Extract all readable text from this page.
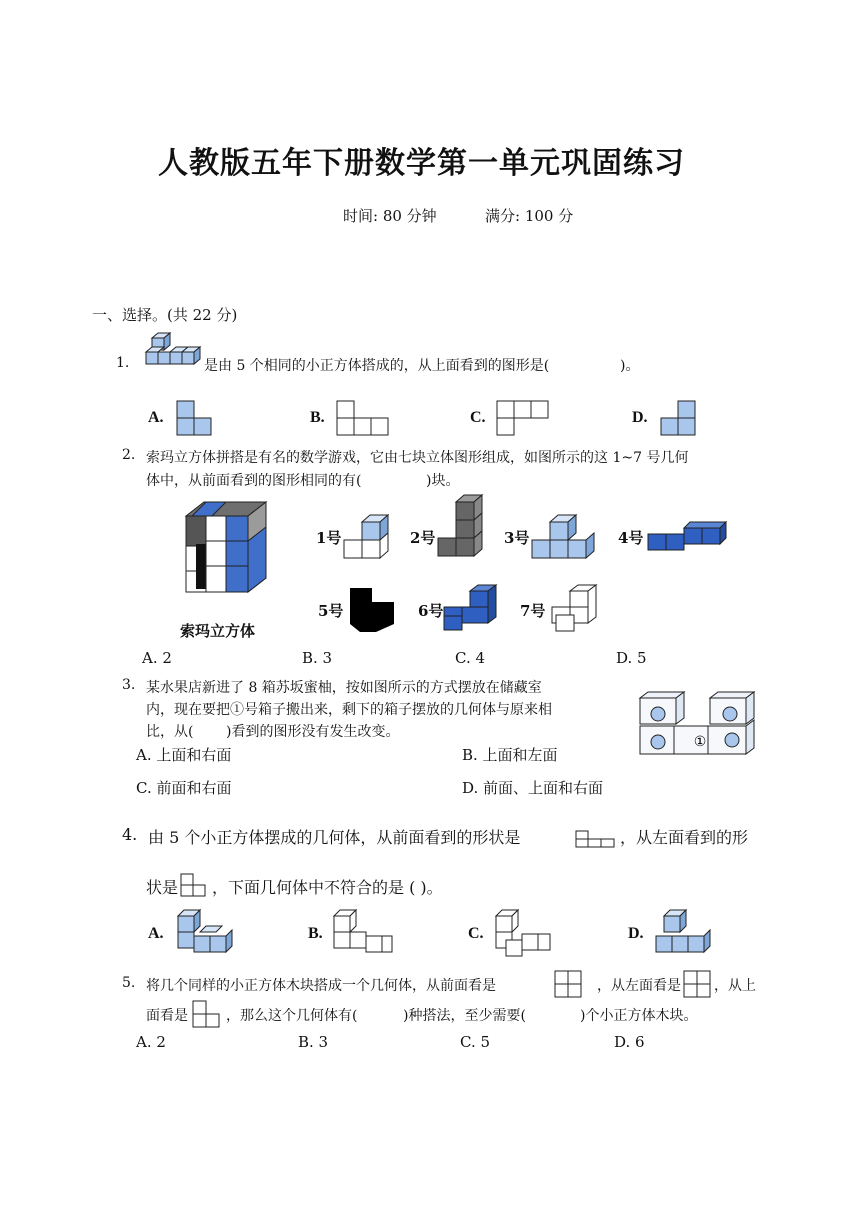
人教版五年下册数学第一单元巩固练习
时间: 80 分钟	满分: 100 分
一、选择。(共 22 分)
1.	是由 5 个相同的小正方体搭成的，从上面看到的图形是(	)。
A.	B.	C.	D.
2. 索玛立方体拼搭是有名的数学游戏，它由七块立体图形组成，如图所示的这 1~7 号几何
体中，从前面看到的图形相同的有(	)块。
索玛立方体
1号	2号	3号	4号
5号	6号	7号
A. 2	B. 3	C. 4	D. 5
3. 某水果店新进了 8 箱苏坂蜜柚，按如图所示的方式摆放在储藏室
内，现在要把①号箱子搬出来，剩下的箱子摆放的几何体与原来相
比，从( )看到的图形没有发生改变。
①
A. 上面和右面	B. 上面和左面
C. 前面和右面	D. 前面、上面和右面
4. 由 5 个小正方体摆成的几何体，从前面看到的形状是	，从左面看到的形
状是 ，下面几何体中不符合的是 ( )。
A.	B.	C.	D.
5. 将几个同样的小正方体木块搭成一个几何体，从前面看是	，从左面看是 ，从上
面看是	，那么这个几何体有(	)种搭法，至少需要(	)个小正方体木块。
A. 2	B. 3	C. 5	D. 6
